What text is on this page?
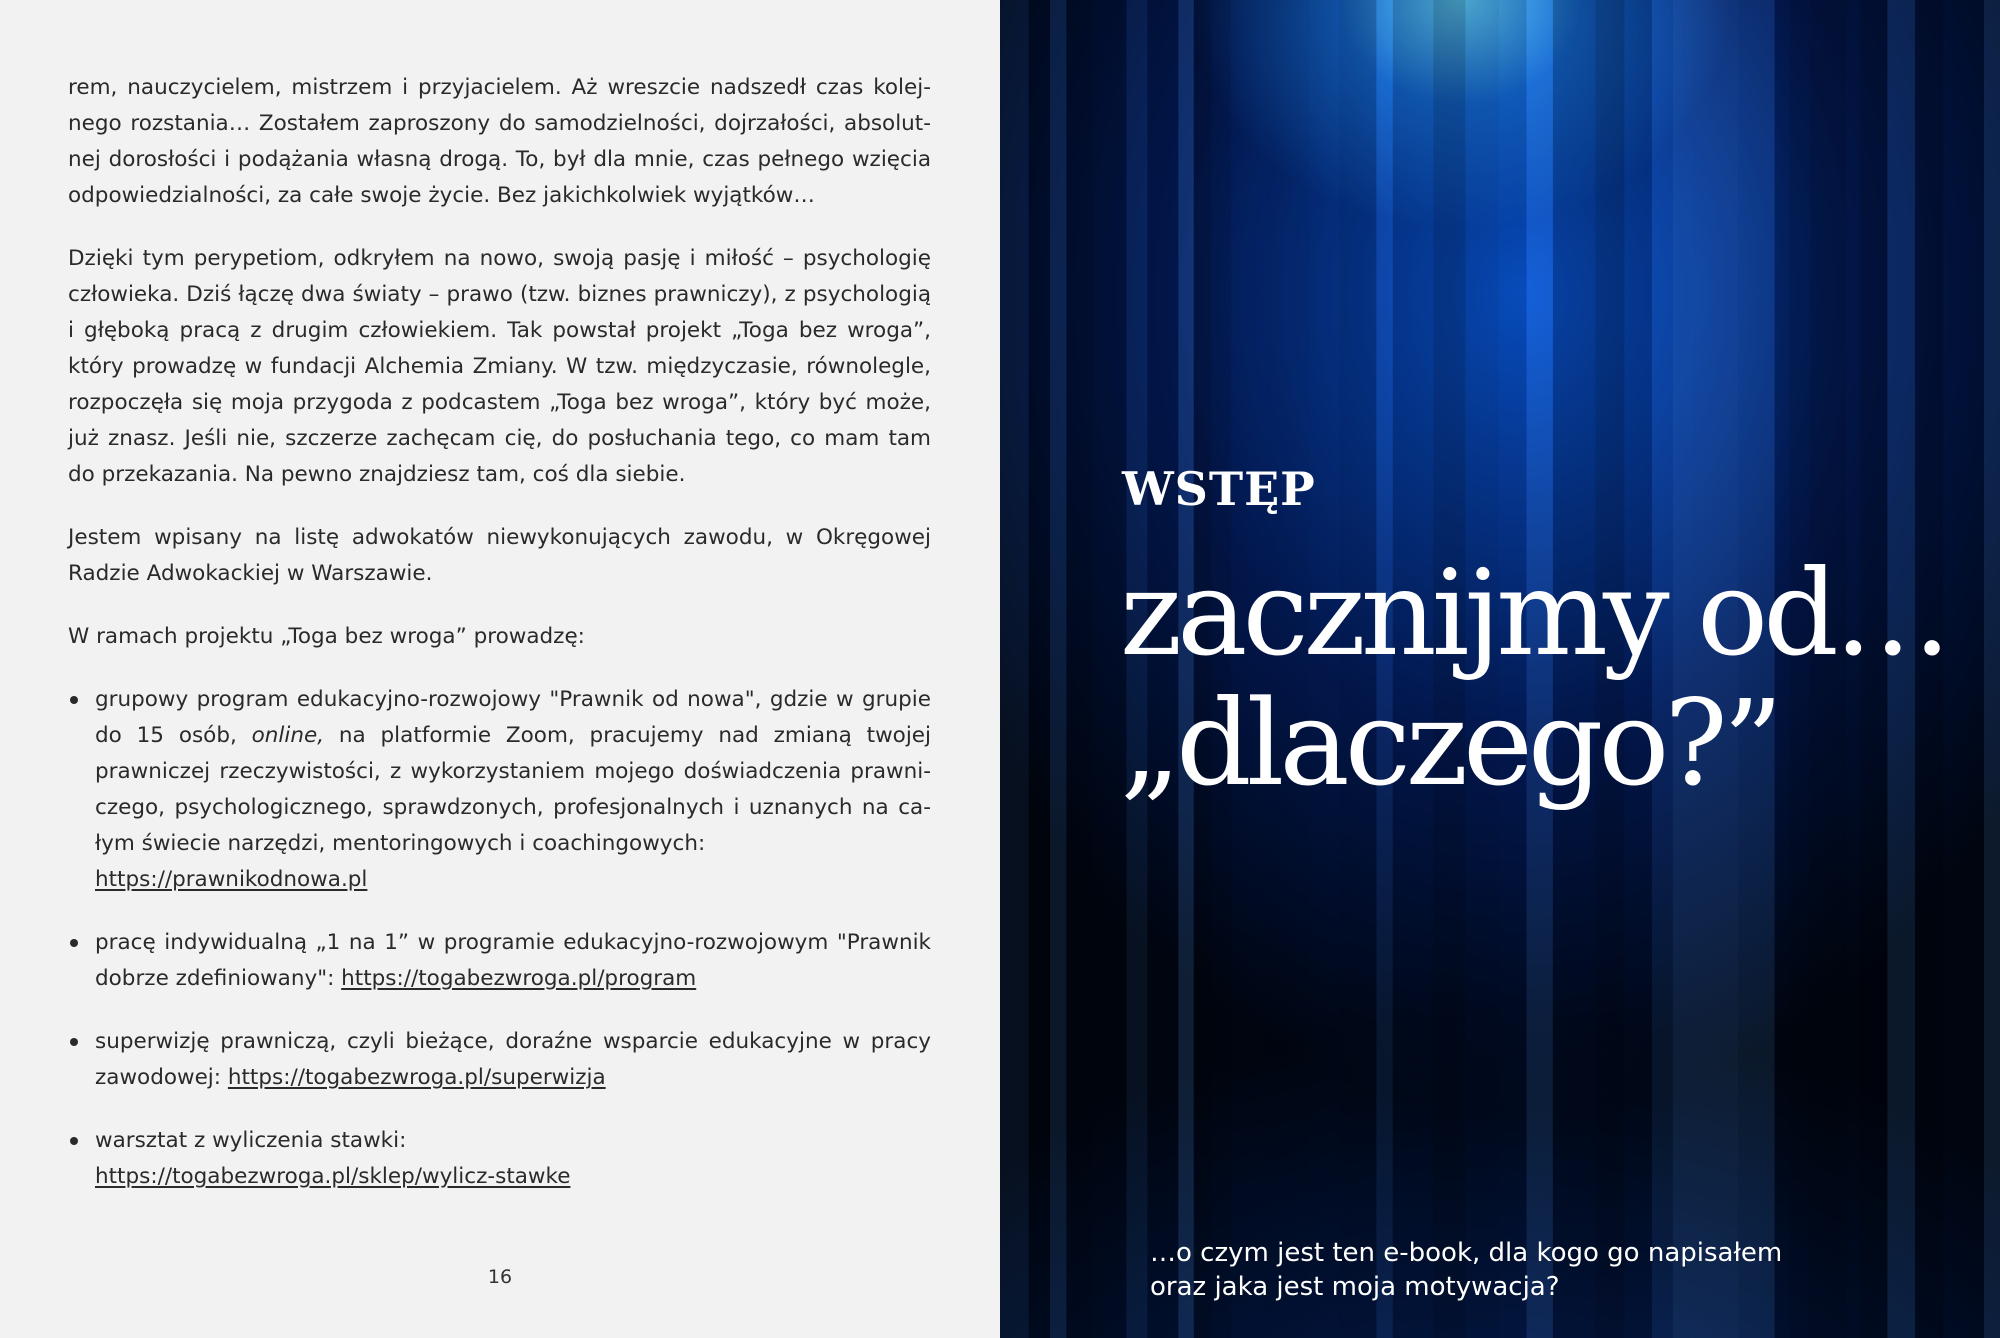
rem, nauczycielem, mistrzem i przyjacielem. Aż wreszcie nadszedł czas kolejnego rozstania… Zostałem zaproszony do samodzielności, dojrzałości, absolutnej dorosłości i podążania własną drogą. To, był dla mnie, czas pełnego wzięcia odpowiedzialności, za całe swoje życie. Bez jakichkolwiek wyjątków…

Dzięki tym perypetiom, odkryłem na nowo, swoją pasję i miłość – psychologię człowieka. Dziś łączę dwa światy – prawo (tzw. biznes prawniczy), z psychologią i głęboką pracą z drugim człowiekiem. Tak powstał projekt „Toga bez wroga”, który prowadzę w fundacji Alchemia Zmiany. W tzw. międzyczasie, równolegle, rozpoczęła się moja przygoda z podcastem „Toga bez wroga”, który być może, już znasz. Jeśli nie, szczerze zachęcam cię, do posłuchania tego, co mam tam do przekazania. Na pewno znajdziesz tam, coś dla siebie.

Jestem wpisany na listę adwokatów niewykonujących zawodu, w Okręgowej Radzie Adwokackiej w Warszawie.

W ramach projektu „Toga bez wroga” prowadzę:

grupowy program edukacyjno-rozwojowy "Prawnik od nowa", gdzie w grupie do 15 osób, online, na platformie Zoom, pracujemy nad zmianą twojej prawniczej rzeczywistości, z wykorzystaniem mojego doświadczenia prawniczego, psychologicznego, sprawdzonych, profesjonalnych i uznanych na całym świecie narzędzi, mentoringowych i coachingowych:
https://prawnikodnowa.pl
pracę indywidualną „1 na 1” w programie edukacyjno-rozwojowym "Prawnik dobrze zdefiniowany": https://togabezwroga.pl/program
superwizję prawniczą, czyli bieżące, doraźne wsparcie edukacyjne w pracy zawodowej: https://togabezwroga.pl/superwizja
warsztat z wyliczenia stawki:
https://togabezwroga.pl/sklep/wylicz-stawke
16
WSTĘP
zacznijmy od…
„dlaczego?”
…o czym jest ten e-book, dla kogo go napisałem
oraz jaka jest moja motywacja?
